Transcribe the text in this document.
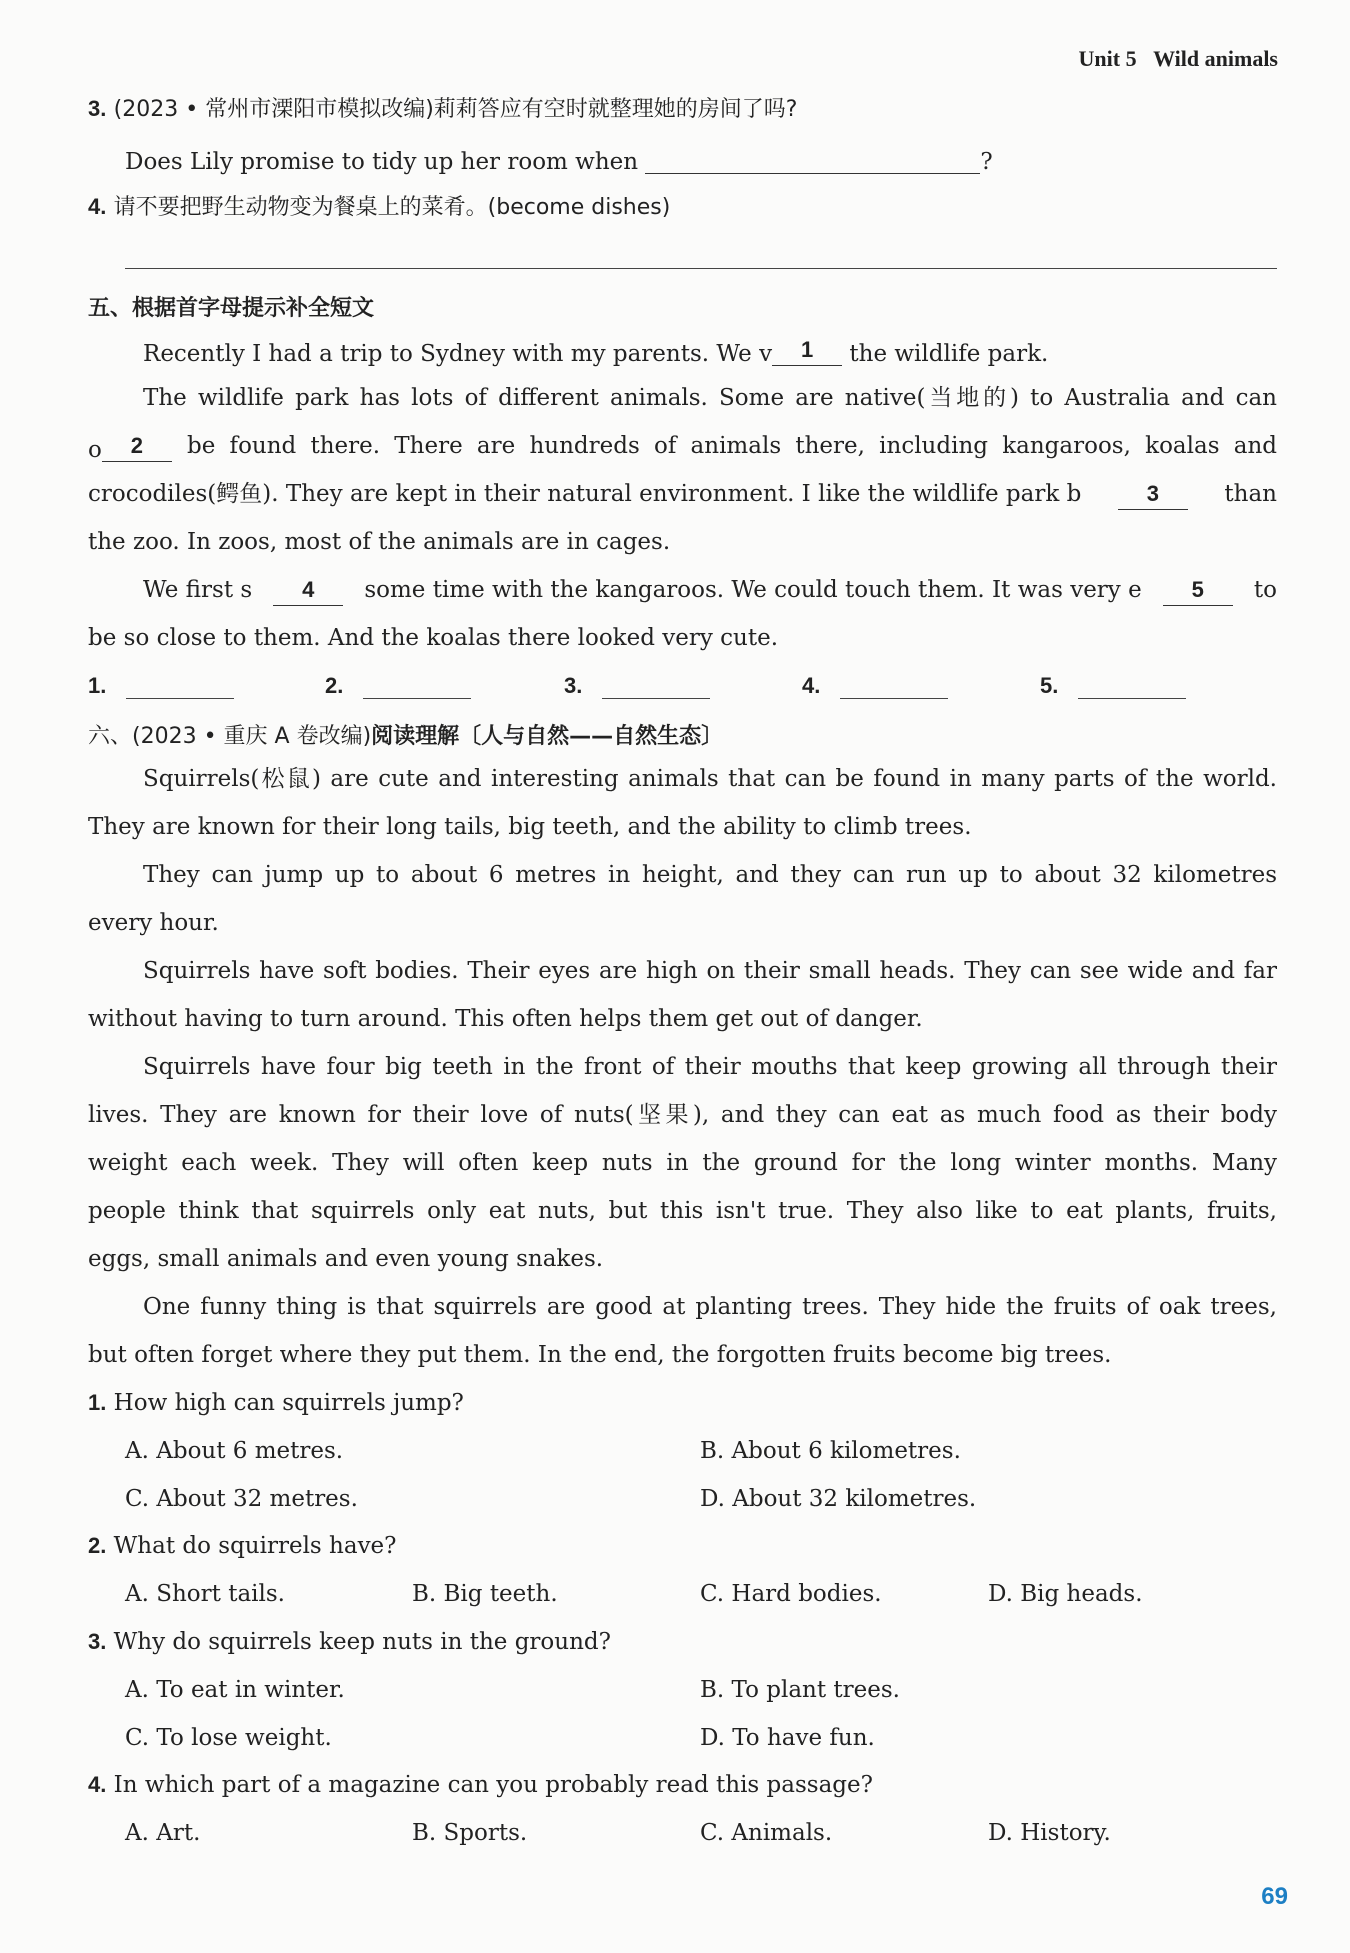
Unit 5 Wild animals
3. (2023 • 常州市溧阳市模拟改编)莉莉答应有空时就整理她的房间了吗?
Does Lily promise to tidy up her room when	?
4. 请不要把野生动物变为餐桌上的菜肴。(become dishes)
五、根据首字母提示补全短文
Recently I had a trip to Sydney with my parents. We v 1 the wildlife park.
The wildlife park has lots of different animals. Some are native(当地的) to Australia and can
o 2	be found there. There are hundreds of animals there, including kangaroos, koalas and
crocodiles(鳄鱼). They are kept in their natural environment. I like the wildlife park b	3	than
the zoo. In zoos, most of the animals are in cages.
We first s	4	some time with the kangaroos. We could touch them. It was very e	5	to
be so close to them. And the koalas there looked very cute.
1.	2.	3.	4.	5.
六、(2023 • 重庆 A 卷改编)阅读理解〔人与自然——自然生态〕
Squirrels(松鼠) are cute and interesting animals that can be found in many parts of the world.
They are known for their long tails, big teeth, and the ability to climb trees.
They can jump up to about 6 metres in height, and they can run up to about 32 kilometres
every hour.
Squirrels have soft bodies. Their eyes are high on their small heads. They can see wide and far
without having to turn around. This often helps them get out of danger.
Squirrels have four big teeth in the front of their mouths that keep growing all through their
lives. They are known for their love of nuts(坚果), and they can eat as much food as their body
weight each week. They will often keep nuts in the ground for the long winter months. Many
people think that squirrels only eat nuts, but this isn't true. They also like to eat plants, fruits,
eggs, small animals and even young snakes.
One funny thing is that squirrels are good at planting trees. They hide the fruits of oak trees,
but often forget where they put them. In the end, the forgotten fruits become big trees.
1. How high can squirrels jump?
A. About 6 metres.	B. About 6 kilometres.
C. About 32 metres.	D. About 32 kilometres.
2. What do squirrels have?
A. Short tails.	B. Big teeth.	C. Hard bodies.	D. Big heads.
3. Why do squirrels keep nuts in the ground?
A. To eat in winter.	B. To plant trees.
C. To lose weight.	D. To have fun.
4. In which part of a magazine can you probably read this passage?
A. Art.	B. Sports.	C. Animals.	D. History.
69
